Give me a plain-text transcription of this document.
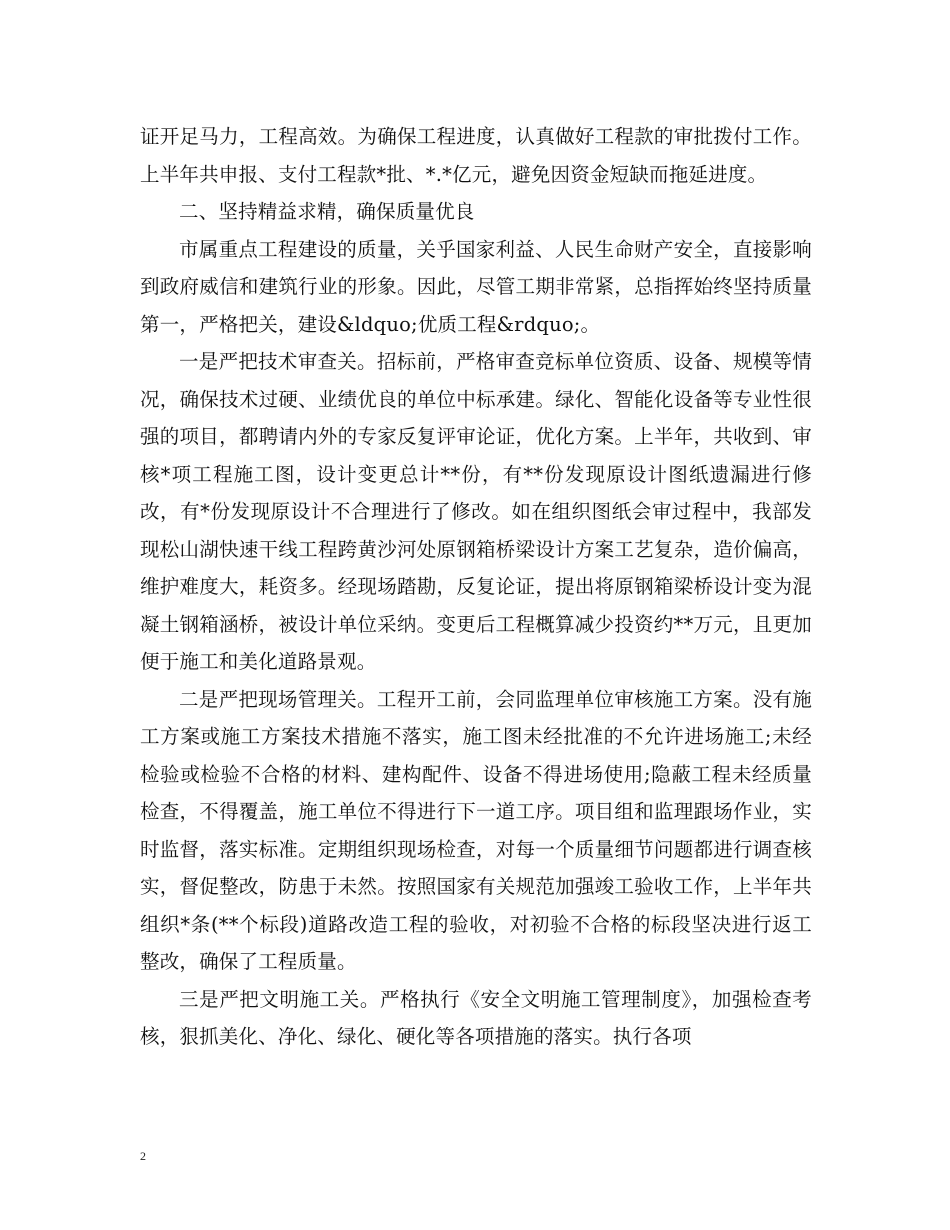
证开足马力，工程高效。为确保工程进度，认真做好工程款的审批拨付工作。上半年共申报、支付工程款*批、*.*亿元，避免因资金短缺而拖延进度。

二、坚持精益求精，确保质量优良

市属重点工程建设的质量，关乎国家利益、人民生命财产安全，直接影响到政府威信和建筑行业的形象。因此，尽管工期非常紧，总指挥始终坚持质量第一，严格把关，建设&ldquo;优质工程&rdquo;。

一是严把技术审查关。招标前，严格审查竞标单位资质、设备、规模等情况，确保技术过硬、业绩优良的单位中标承建。绿化、智能化设备等专业性很强的项目，都聘请内外的专家反复评审论证，优化方案。上半年，共收到、审核*项工程施工图，设计变更总计**份，有**份发现原设计图纸遗漏进行修改，有*份发现原设计不合理进行了修改。如在组织图纸会审过程中，我部发现松山湖快速干线工程跨黄沙河处原钢箱桥梁设计方案工艺复杂，造价偏高，维护难度大，耗资多。经现场踏勘，反复论证，提出将原钢箱梁桥设计变为混凝土钢箱涵桥，被设计单位采纳。变更后工程概算减少投资约**万元，且更加便于施工和美化道路景观。

二是严把现场管理关。工程开工前，会同监理单位审核施工方案。没有施工方案或施工方案技术措施不落实，施工图未经批准的不允许进场施工;未经检验或检验不合格的材料、建构配件、设备不得进场使用;隐蔽工程未经质量检查，不得覆盖，施工单位不得进行下一道工序。项目组和监理跟场作业，实时监督，落实标准。定期组织现场检查，对每一个质量细节问题都进行调查核实，督促整改，防患于未然。按照国家有关规范加强竣工验收工作，上半年共组织*条(**个标段)道路改造工程的验收，对初验不合格的标段坚决进行返工整改，确保了工程质量。

三是严把文明施工关。严格执行《安全文明施工管理制度》，加强检查考核，狠抓美化、净化、绿化、硬化等各项措施的落实。执行各项

2
